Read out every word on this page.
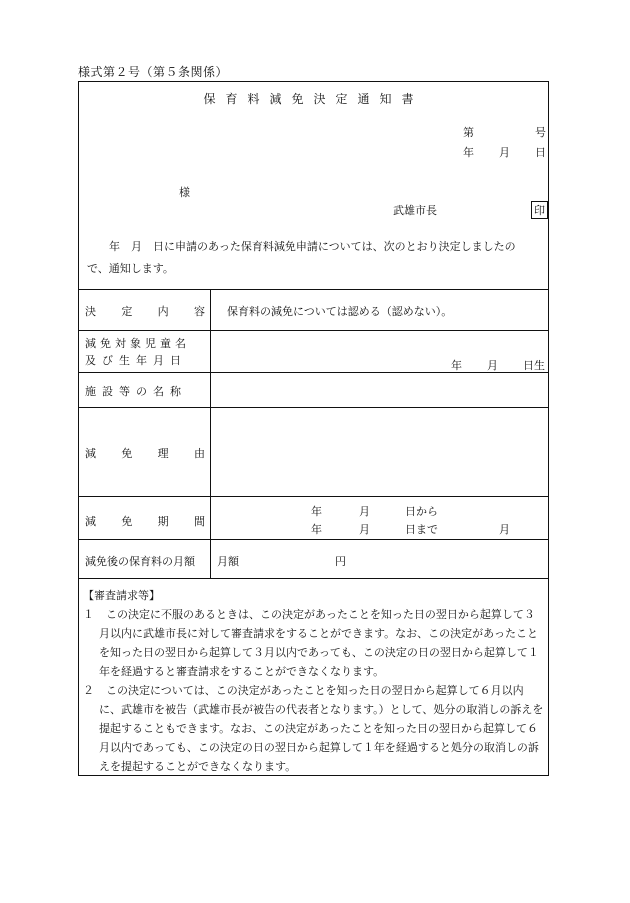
様式第２号（第５条関係）
保育料減免決定通知書
第	号
年 月 日
様
武雄市長	印
年　月　日に申請のあった保育料減免申請については、次のとおり決定しましたの
で、通知します。
決 定 内 容 保育料の減免については認める（認めない）。
減免対象児童名
及び生年月日	年 月 日生
施設等の名称
減 免 理 由
減 免 期 間
年	月	日から
年	月	日まで	月
減免後の保育料の月額 月額	円
【審査請求等】
１ この決定に不服のあるときは、この決定があったことを知った日の翌日から起算して３月以内に武雄市長に対して審査請求をすることができます。なお、この決定があったことを知った日の翌日から起算して３月以内であっても、この決定の日の翌日から起算して１年を経過すると審査請求をすることができなくなります。
２ この決定については、この決定があったことを知った日の翌日から起算して６月以内に、武雄市を被告（武雄市長が被告の代表者となります。）として、処分の取消しの訴えを提起することもできます。なお、この決定があったことを知った日の翌日から起算して６月以内であっても、この決定の日の翌日から起算して１年を経過すると処分の取消しの訴えを提起することができなくなります。
